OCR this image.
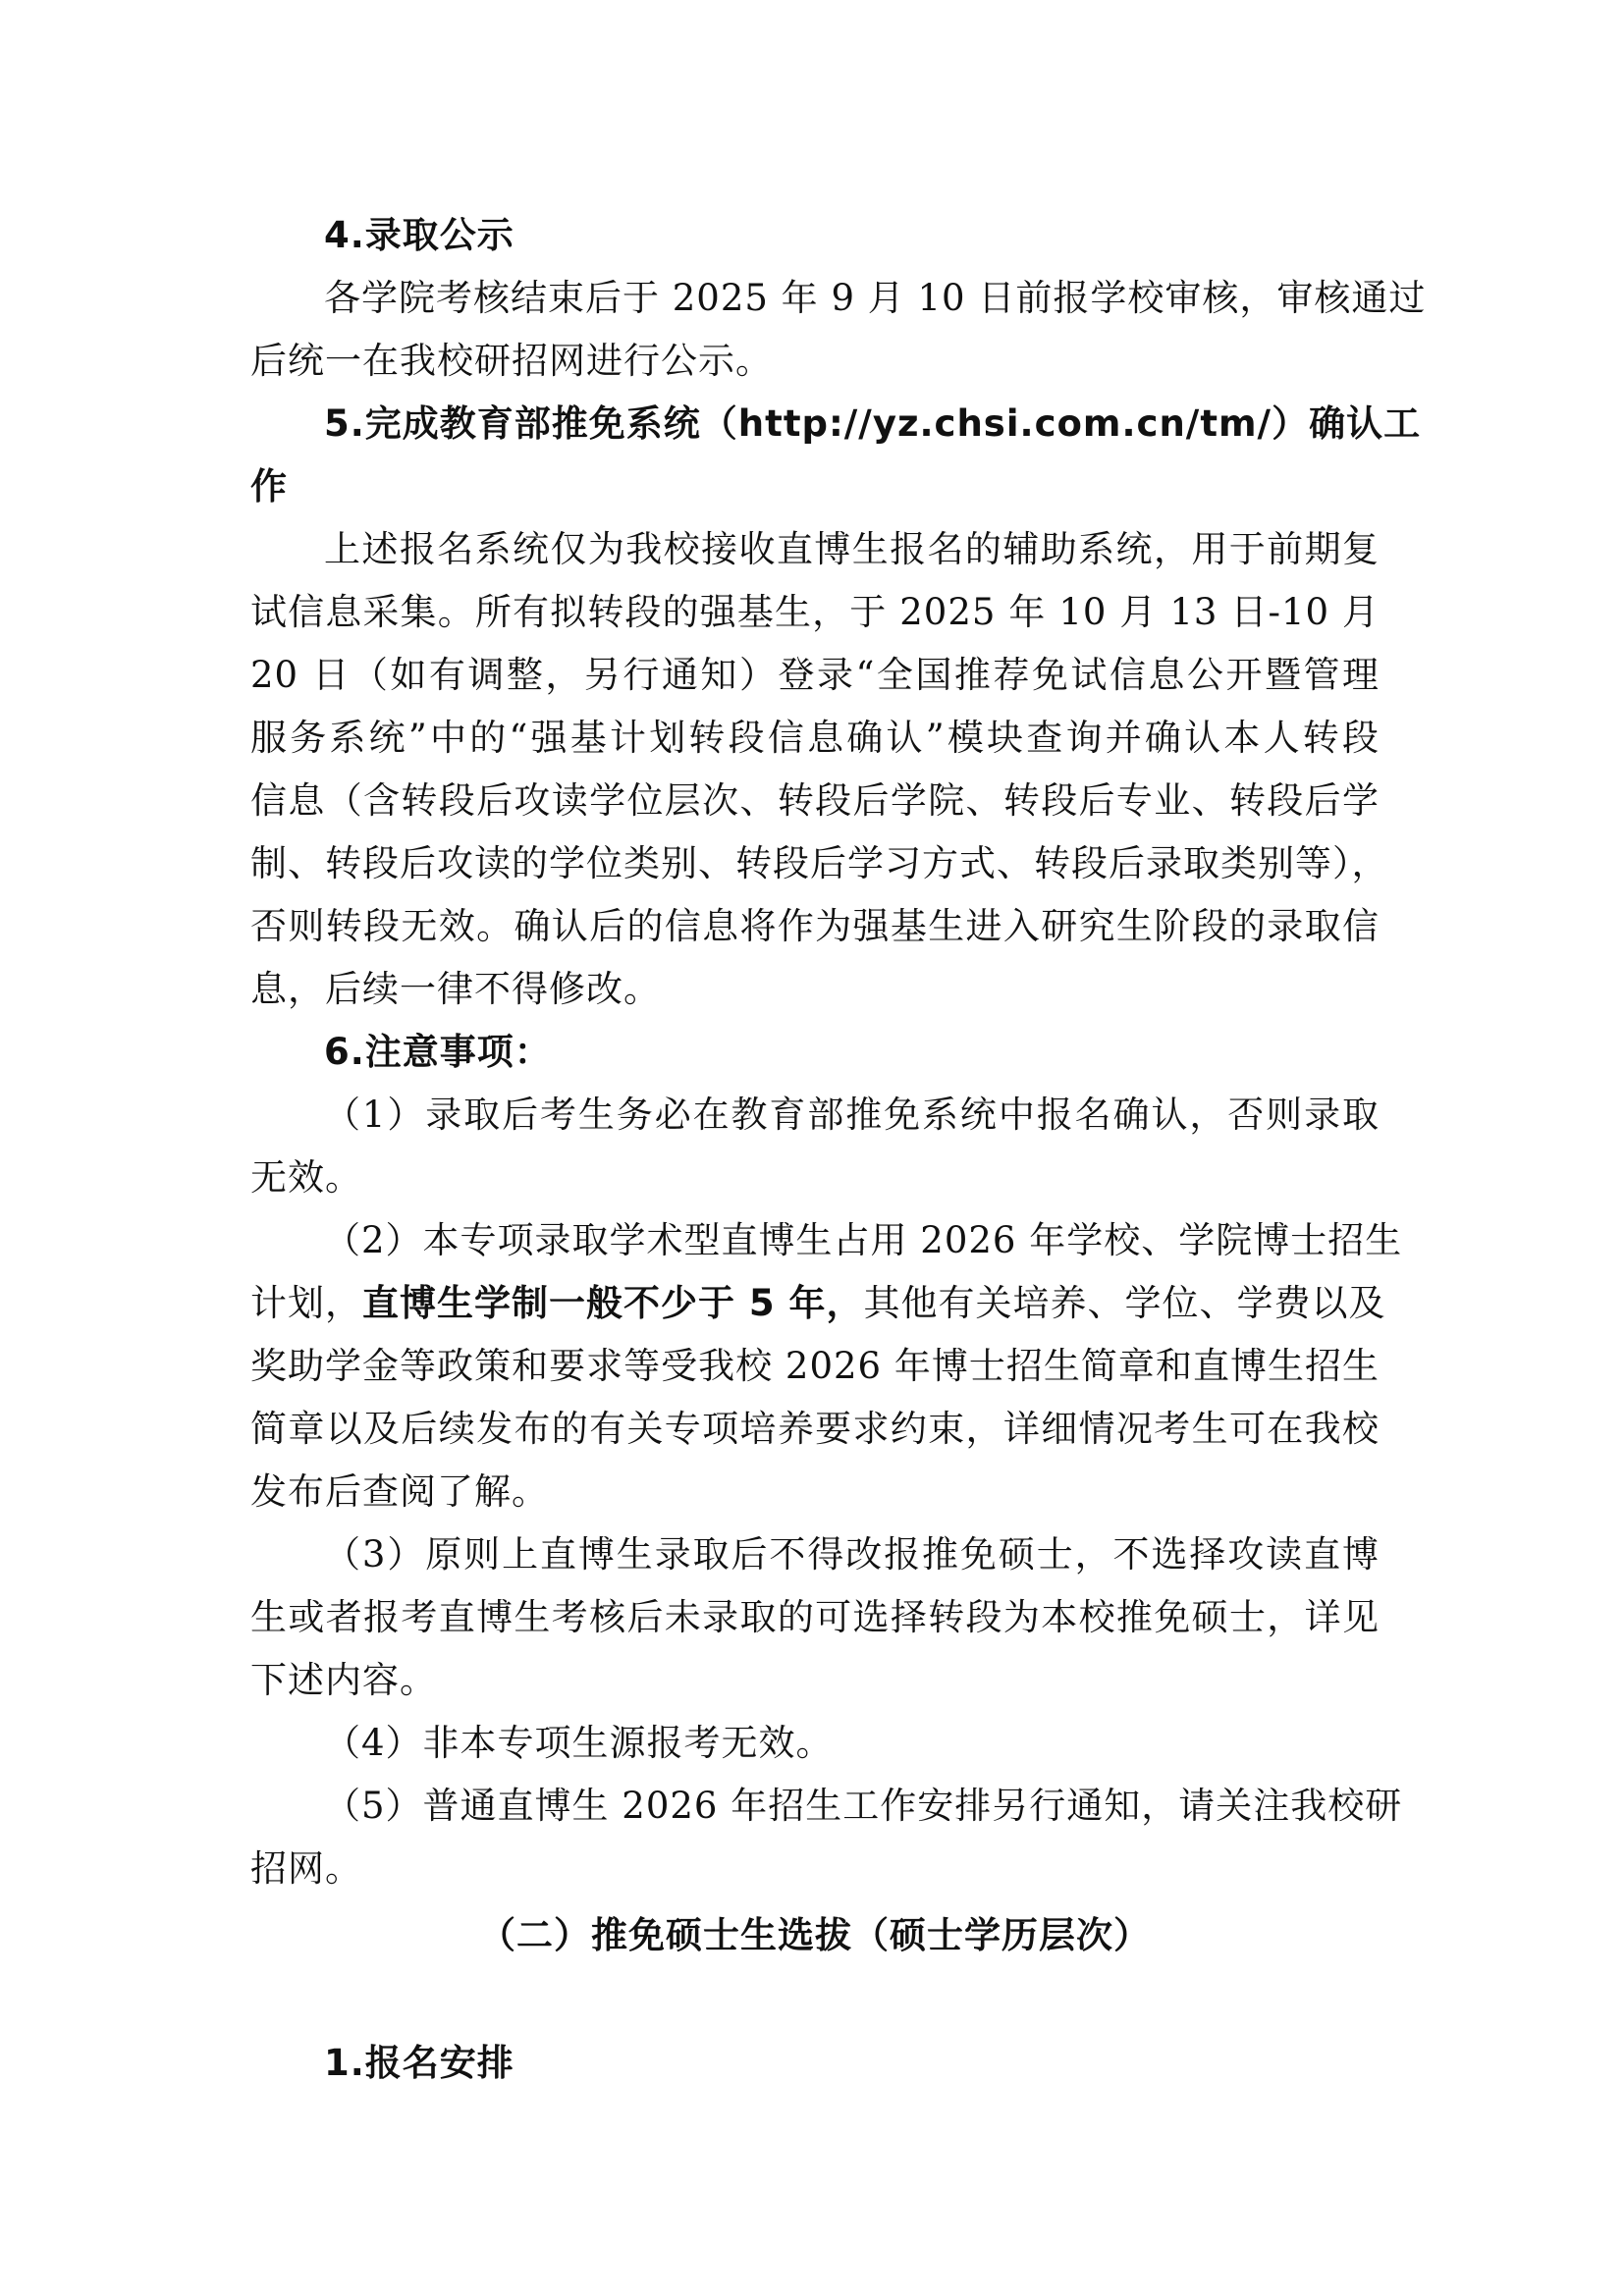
4.录取公示
各学院考核结束后于 2025 年 9 月 10 日前报学校审核，审核通过
后统一在我校研招网进行公示。
5.完成教育部推免系统（http://yz.chsi.com.cn/tm/）确认工
作
上述报名系统仅为我校接收直博生报名的辅助系统，用于前期复
试信息采集。所有拟转段的强基生，于 2025 年 10 月 13 日-10 月
20 日（如有调整，另行通知）登录“全国推荐免试信息公开暨管理
服务系统”中的“强基计划转段信息确认”模块查询并确认本人转段
信息（含转段后攻读学位层次、转段后学院、转段后专业、转段后学
制、转段后攻读的学位类别、转段后学习方式、转段后录取类别等），
否则转段无效。确认后的信息将作为强基生进入研究生阶段的录取信
息，后续一律不得修改。
6.注意事项：
（1）录取后考生务必在教育部推免系统中报名确认，否则录取
无效。
（2）本专项录取学术型直博生占用 2026 年学校、学院博士招生
计划，直博生学制一般不少于 5 年，其他有关培养、学位、学费以及
奖助学金等政策和要求等受我校 2026 年博士招生简章和直博生招生
简章以及后续发布的有关专项培养要求约束，详细情况考生可在我校
发布后查阅了解。
（3）原则上直博生录取后不得改报推免硕士，不选择攻读直博
生或者报考直博生考核后未录取的可选择转段为本校推免硕士，详见
下述内容。
（4）非本专项生源报考无效。
（5）普通直博生 2026 年招生工作安排另行通知，请关注我校研
招网。
（二）推免硕士生选拔（硕士学历层次）
1.报名安排
